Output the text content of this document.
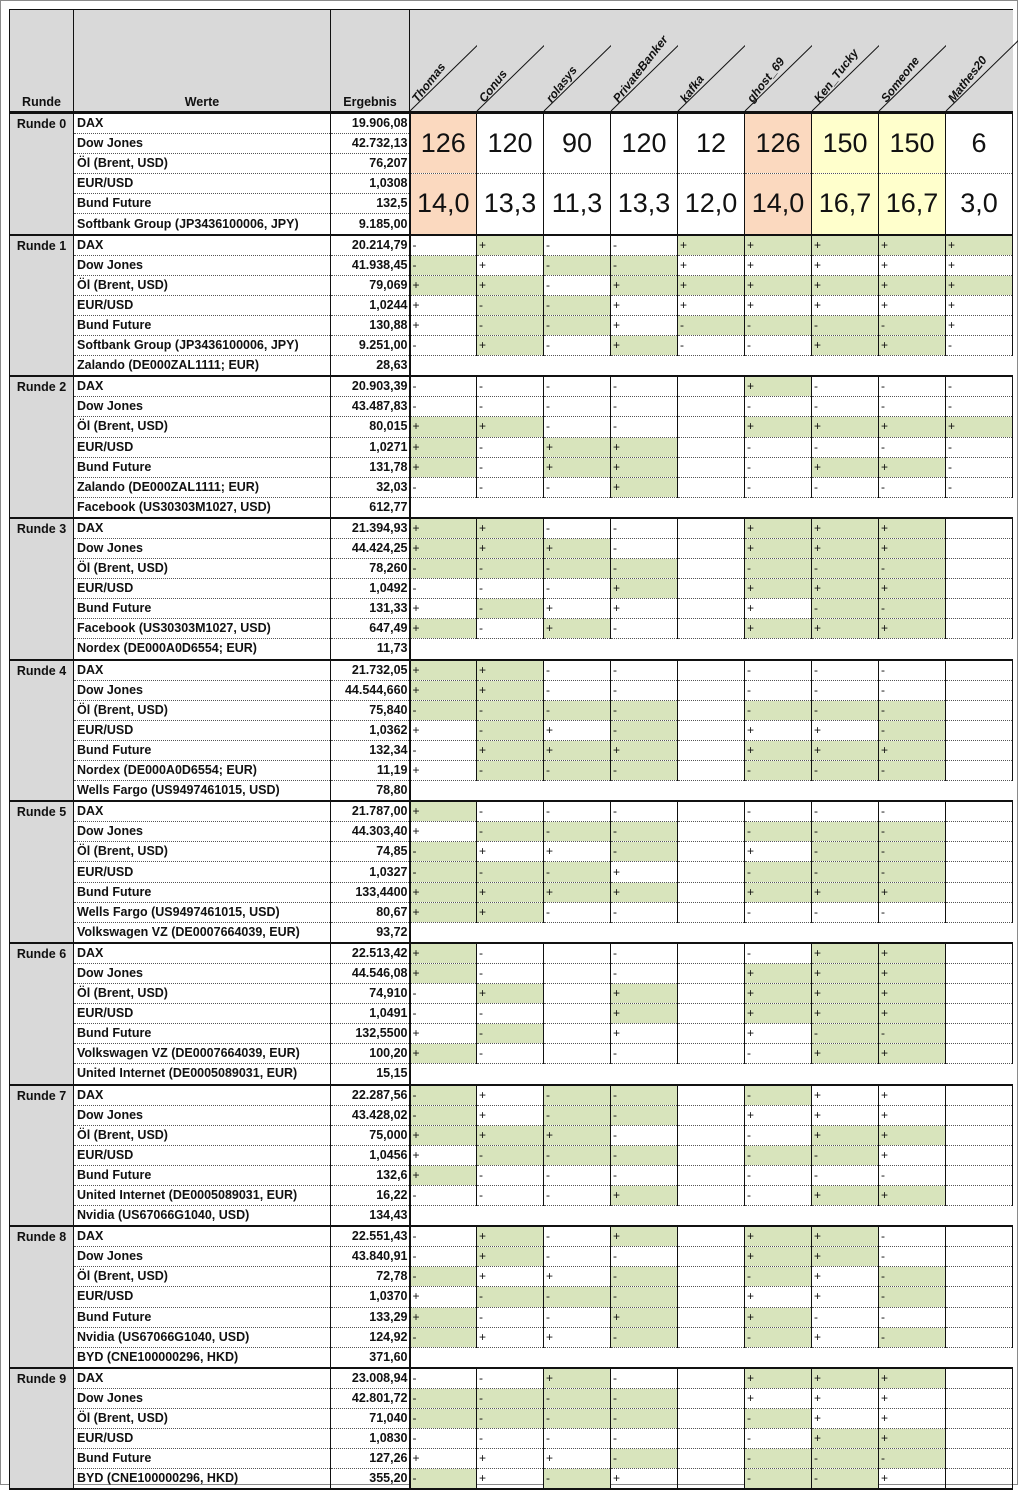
Runde	Werte	Ergebnis	Thomas	Conus	rolasys	PrivateBanker	kafka	ghost_69	Ken_Tucky	Someone	Mathes20

Runde 0	DAX	19.906,08	126	120	90	120	12	126	150	150	6
	Dow Jones	42.732,13									
	Öl (Brent, USD)	76,207									
	EUR/USD	1,0308	14,0	13,3	11,3	13,3	12,0	14,0	16,7	16,7	3,0
	Bund Future	132,5									
	Softbank Group (JP3436100006, JPY)	9.185,00									
Runde 1	DAX	20.214,79	-	+	-	-	+	+	+	+	+
	Dow Jones	41.938,45	-	+	-	-	+	+	+	+	+
	Öl (Brent, USD)	79,069	+	+	-	+	+	+	+	+	+
	EUR/USD	1,0244	+	-	-	+	+	+	+	+	+
	Bund Future	130,88	+	-	-	+	-	-	-	-	+
	Softbank Group (JP3436100006, JPY)	9.251,00	-	+	-	+	-	-	+	+	-
	Zalando (DE000ZAL1111; EUR)	28,63									
Runde 2	DAX	20.903,39	-	-	-	-		+	-	-	-
	Dow Jones	43.487,83	-	-	-	-		-	-	-	-
	Öl (Brent, USD)	80,015	+	+	-	-		+	+	+	+
	EUR/USD	1,0271	+	-	+	+		-	-	-	-
	Bund Future	131,78	+	-	+	+		-	+	+	-
	Zalando (DE000ZAL1111; EUR)	32,03	-	-	-	+		-	-	-	-
	Facebook (US30303M1027, USD)	612,77									
Runde 3	DAX	21.394,93	+	+	-	-		+	+	+	
	Dow Jones	44.424,25	+	+	+	-		+	+	+	
	Öl (Brent, USD)	78,260	-	-	-	-		-	-	-	
	EUR/USD	1,0492	-	-	-	+		+	+	+	
	Bund Future	131,33	+	-	+	+		+	-	-	
	Facebook (US30303M1027, USD)	647,49	+	-	+	-		+	+	+	
	Nordex (DE000A0D6554; EUR)	11,73									
Runde 4	DAX	21.732,05	+	+	-	-		-	-	-	
	Dow Jones	44.544,660	+	+	-	-		-	-	-	
	Öl (Brent, USD)	75,840	-	-	-	-		-	-	-	
	EUR/USD	1,0362	+	-	+	-		+	+	-	
	Bund Future	132,34	-	+	+	+		+	+	+	
	Nordex (DE000A0D6554; EUR)	11,19	+	-	-	-		-	-	-	
	Wells Fargo (US9497461015, USD)	78,80									
Runde 5	DAX	21.787,00	+	-	-	-		-	-	-	
	Dow Jones	44.303,40	+	-	-	-		-	-	-	
	Öl (Brent, USD)	74,85	-	+	+	-		+	-	-	
	EUR/USD	1,0327	-	-	-	+		-	-	-	
	Bund Future	133,4400	+	+	+	+		+	+	+	
	Wells Fargo (US9497461015, USD)	80,67	+	+	-	-		-	-	-	
	Volkswagen VZ (DE0007664039, EUR)	93,72									
Runde 6	DAX	22.513,42	+	-		-		-	+	+	
	Dow Jones	44.546,08	+	-		-		+	+	+	
	Öl (Brent, USD)	74,910	-	+		+		+	+	+	
	EUR/USD	1,0491	-	-		+		+	+	+	
	Bund Future	132,5500	+	-		+		+	-	-	
	Volkswagen VZ (DE0007664039, EUR)	100,20	+	-		-		-	+	+	
	United Internet (DE0005089031, EUR)	15,15									
Runde 7	DAX	22.287,56	-	+	-	-		-	+	+	
	Dow Jones	43.428,02	-	+	-	-		+	+	+	
	Öl (Brent, USD)	75,000	+	+	+	-		-	+	+	
	EUR/USD	1,0456	+	-	-	-		-	-	+	
	Bund Future	132,6	+	-	-	-		-	-	-	
	United Internet (DE0005089031, EUR)	16,22	-	-	-	+		-	+	+	
	Nvidia (US67066G1040, USD)	134,43									
Runde 8	DAX	22.551,43	-	+	-	+		+	+	-	
	Dow Jones	43.840,91	-	+	-	-		+	+	-	
	Öl (Brent, USD)	72,78	-	+	+	-		-	+	-	
	EUR/USD	1,0370	+	-	-	-		+	+	-	
	Bund Future	133,29	+	-	-	+		+	-	-	
	Nvidia (US67066G1040, USD)	124,92	-	+	+	-		-	+	-	
	BYD (CNE100000296, HKD)	371,60									
Runde 9	DAX	23.008,94	-	-	+	-		+	+	+	
	Dow Jones	42.801,72	-	-	-	-		+	+	+	
	Öl (Brent, USD)	71,040	-	-	-	-		-	+	+	
	EUR/USD	1,0830	-	-	-	-		-	+	+	
	Bund Future	127,26	+	+	+	-		-	-	-	
	BYD (CNE100000296, HKD)	355,20	-	+	-	+		-	-	+	
